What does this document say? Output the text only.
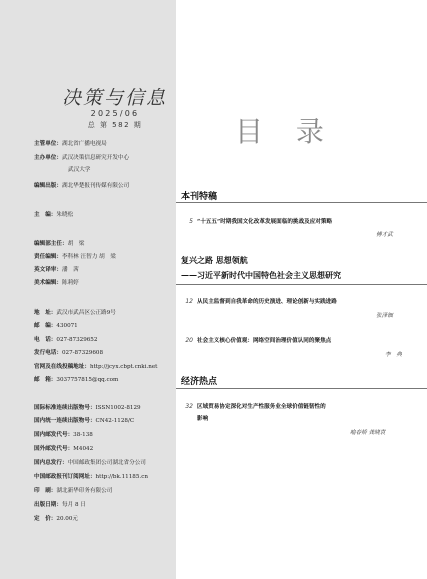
决策与信息
2025/06
总 第 582 期
主管单位：湖北省广播电视局
主办单位：武汉决策信息研究开发中心
武汉大学
编辑出版：湖北华楚报刊传媒有限公司
主　编：朱晓松
编辑部主任：胡　梁
责任编辑：李科林 汪智力 胡　梁
英文译审：潘　茜
美术编辑：陈莉婷
地　址：武汉市武昌区公正路9号
邮　编：430071
电　话：027-87329652
发行电话：027-87329608
官网及在线投稿地址：http://jcyx.cbpt.cnki.net
邮　箱：3037757815@qq.com
国际标准连续出版物号：ISSN1002-8129
国内统一连续出版物号：CN42-1128/C
国内邮发代号：38-138
国外邮发代号：M4042
国内总发行：中国邮政集团公司湖北省分公司
中国邮政报刊订阅网址：http://bk.11185.cn
印　刷：湖北新华印务有限公司
出版日期：每月 8 日
定　价：20.00元
目 录
本刊特稿
5 “十五五”时期我国文化改革发展面临的挑战及应对策略
傅才武
复兴之路 思想领航
——习近平新时代中国特色社会主义思想研究
12 从民主监督到自我革命的历史演进、理论创新与实践进路
张泽钿
20 社会主义核心价值观：网络空间治理价值认同的聚焦点
李　典
经济热点
32 区域贸易协定深化对生产性服务业全球价值链韧性的
影响
喻春娇 龚晓袁
